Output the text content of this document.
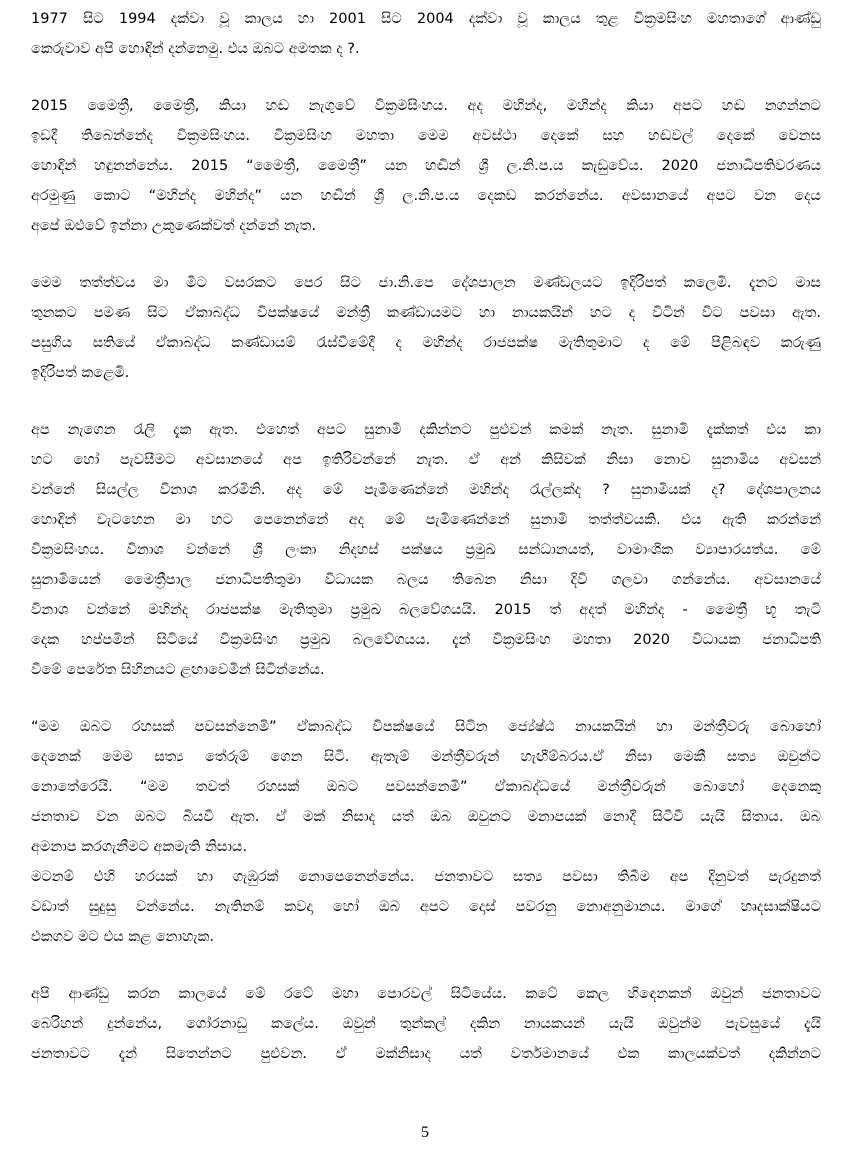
1977 සිට 1994 දක්වා වූ කාලය හා 2001 සිට 2004 දක්වා වූ කාලය තුළ වික්‍රමසිංහ මහතාගේ ආණ්ඩු
කෙරුවාව අපි හොඳින් දන්නෙමු. එය ඔබට අමතක ද ?.
2015 මෛත්‍රී, මෛත්‍රී, කියා හඬ නැගුවේ වික්‍රමසිංහය. අද මහින්ද, මහින්ද කියා අපට හඬ නගන්නට
ඉඩදී තිබෙන්නේද වික්‍රමසිංහය. වික්‍රමසිංහ මහතා මෙම අවස්ථා දෙකේ සහ හඬවල් දෙකේ වෙනස
හොඳින් හඳුනන්නේය. 2015 “මෛත්‍රී, මෛත්‍රී” යන හඬින් ශ්‍රී ල.නි.ප.ය කැඩුවේය. 2020 ජනාධිපතිවරණය
අරමුණු කොට “මහින්ද මහින්ද” යන හඬින් ශ්‍රී ල.නි.ප.ය දෙකඩ කරන්නේය. අවසානයේ අපට වන දෙය
අපේ ඔළුවේ ඉන්නා උකුණෙක්වත් දන්නේ නැත.
මෙම තත්ත්වය මා මීට වසරකට පෙර සිට ජා.නි.පෙ දේශපාලන මණ්ඩලයට ඉදිරිපත් කලෙමි. දැනට මාස
තුනකට පමණ සිට ඒකාබද්ධ විපක්ෂයේ මන්ත්‍රී කණ්ඩායමට හා නායකයින් හට ද විටින් විට පවසා ඇත.
පසුගිය සතියේ ඒකාබද්ධ කණ්ඩායම් රැස්වීමේදී ද මහින්ද රාජපක්ෂ මැතිතුමාට ද මේ පිළිබඳව කරුණු
ඉදිරිපත් කළෙමි.
අප නැගෙන රැලි දැක ඇත. එහෙත් අපට සුනාමි දකින්නට පුළුවන් කමක් නැත. සුනාමි දැක්කත් එය කා
හට හෝ පැවසීමට අවසානයේ අප ඉතිරිවන්නේ නැත. ඒ අන් කිසිවක් නිසා නොව සුනාමිය අවසන්
වන්නේ සියල්ල විනාශ කරමිනි. අද මේ පැමිණෙන්නේ මහින්ද රැල්ලක්ද ? සුනාමියක් ද? දේශපාලනය
හොඳින් වැටහෙන මා හට පෙනෙන්නේ අද මේ පැමිණෙන්නේ සුනාමි තත්ත්වයකි. එය ඇති කරන්නේ
වික්‍රමසිංහය. විනාශ වන්නේ ශ්‍රී ලංකා නිදහස් පක්ෂය ප්‍රමුඛ සන්ධානයත්, වාමාංශික ව්‍යාපාරයත්ය. මේ
සුනාමියෙන් මෛත්‍රීපාල ජනාධිපතිතුමා විධායක බලය තිබෙන නිසා දිවි ගලවා ගන්නේය. අවසානයේ
විනාශ වන්නේ මහින්ද රාජපක්ෂ මැතිතුමා ප්‍රමුඛ බලවේගයයි. 2015 ත් අදත් මහින්ද - මෛත්‍රී භූ තැටි
දෙක හප්පමින් සිටියේ වික්‍රමසිංහ ප්‍රමුඛ බලවේගයය. දැන් වික්‍රමසිංහ මහතා 2020 විධායක ජනාධිපති
වීමේ පෙරේත සිහිනයට ළඟාවෙමින් සිටින්නේය.
“මම ඔබට රහසක් පවසන්නෙමි” ඒකාබද්ධ විපක්ෂයේ සිටින ජ්‍යේෂ්ඨ නායකයින් හා මන්ත්‍රීවරු බොහෝ
දෙනෙක් මෙම සත්‍ය තේරුම් ගෙන සිටී. ඇතැම් මන්ත්‍රීවරුන් හැඟීම්බරය.ඒ නිසා මෙකී සත්‍ය ඔවුන්ට
නොතේරෙයි. “මම තවත් රහසක් ඔබට පවසන්නෙමි” ඒකාබද්ධයේ මන්ත්‍රීවරුන් බොහෝ දෙනෙකු
ජනතාව වන ඔබට බියවී ඇත. ඒ මක් නිසාද යත් ඔබ ඔවුනට මනාපයක් නොදී සිටීවී යැයි සිතාය. ඔබ
අමනාප කරගැනීමට අකමැති නිසාය.
මටනම් එහි හරයක් හා ගැඹුරක් නොපෙනෙන්නේය. ජනතාවට සත්‍ය පවසා තිබීම අප දිනුවත් පැරදුනත්
වඩාත් සුදුසු වන්නේය. නැතිනම් කවදා හෝ ඔබ අපට දොස් පවරනු නොඅනුමානය. මාගේ හෘදසාක්ෂියට
එකගව මට එය කළ නොහැක.
අපි ආණ්ඩු කරන කාලයේ මේ රටේ මහා පොරවල් සිටියේය. කටේ කෙල හිඳෙනකන් ඔවුන් ජනතාවට
බෙරිහන් දුන්නේය, ගෝරනාඩු කලේය. ඔවුන් තුන්කල් දකින නායකයන් යැයි ඔවුන්ම පැවසුයේ දැයි
ජනතාවට දැන් සිතෙන්නට පුළුවන. ඒ මක්නිසාද යත් වර්තමානයේ එක කාලයක්වත් දකින්නට
5
